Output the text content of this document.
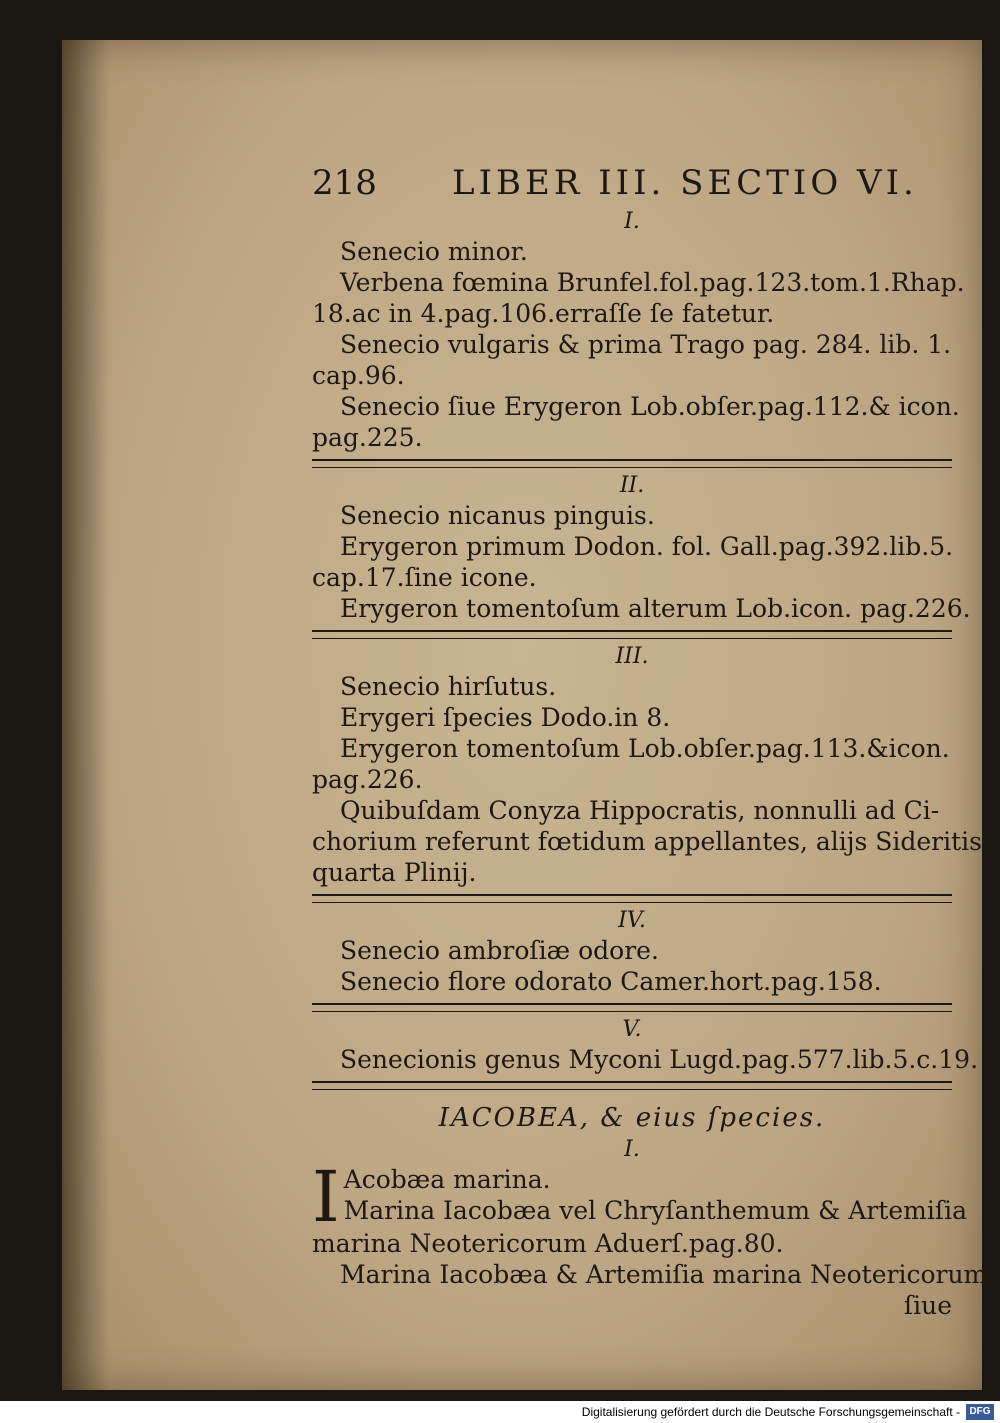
218 LIBER III. SECTIO VI.
I.
Senecio minor.
Verbena fœmina Brunfel.fol.pag.123.tom.1.Rhap.
18.ac in 4.pag.106.erraſſe ſe fatetur.
Senecio vulgaris & prima Trago pag. 284. lib. 1.
cap.96.
Senecio ſiue Erygeron Lob.obſer.pag.112.& icon.
pag.225.
II.
Senecio nicanus pinguis.
Erygeron primum Dodon. fol. Gall.pag.392.lib.5.
cap.17.ſine icone.
Erygeron tomentoſum alterum Lob.icon. pag.226.
III.
Senecio hirſutus.
Erygeri ſpecies Dodo.in 8.
Erygeron tomentoſum Lob.obſer.pag.113.&icon.
pag.226.
Quibuſdam Conyza Hippocratis, nonnulli ad Ci-
chorium referunt fœtidum appellantes, alijs Sideritis
quarta Plinij.
IV.
Senecio ambroſiæ odore.
Senecio flore odorato Camer.hort.pag.158.
V.
Senecionis genus Myconi Lugd.pag.577.lib.5.c.19.
IACOBEA, & eius ſpecies.
I.
I Acobæa marina.
Marina Iacobæa vel Chryſanthemum & Artemiſia
marina Neotericorum Aduerſ.pag.80.
Marina Iacobæa & Artemiſia marina Neotericorum,
ſiue
Digitalisierung gefördert durch die Deutsche Forschungsgemeinschaft - DFG
